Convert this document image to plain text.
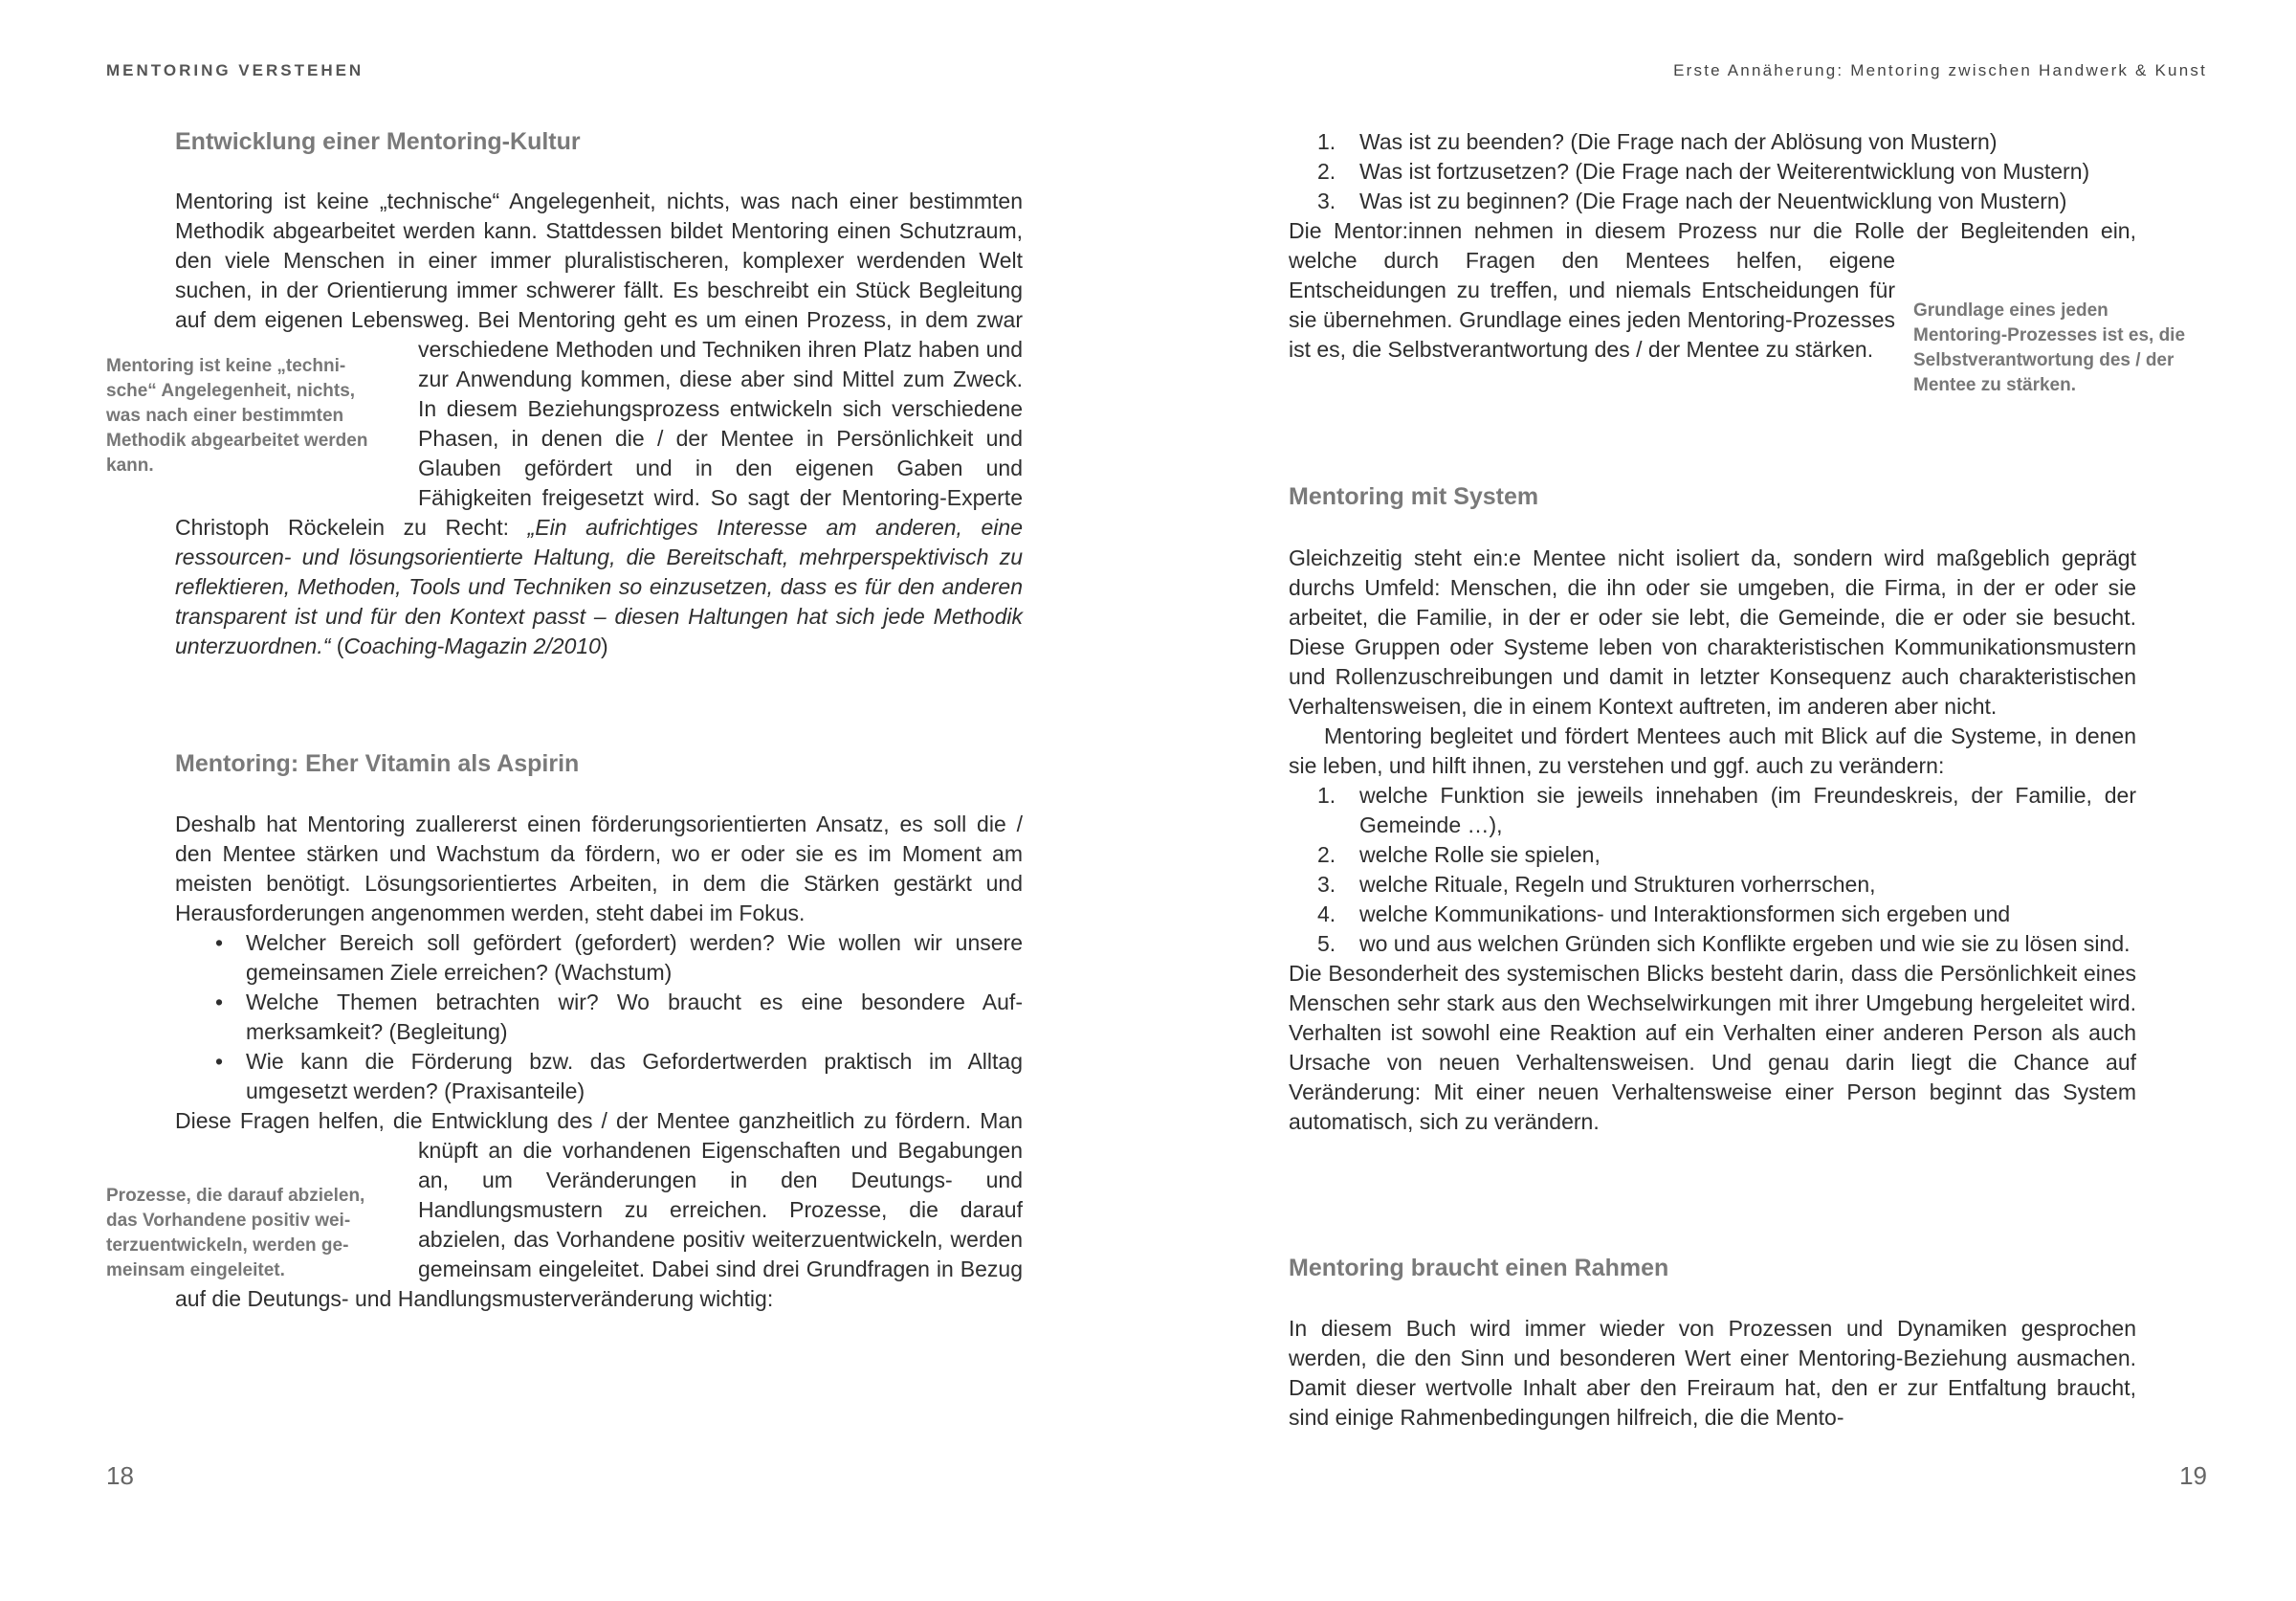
MENTORING VERSTEHEN
Entwicklung einer Mentoring-Kultur

Mentoring ist keine „technische“ Angelegenheit, nichts, was nach einer bestimmten Methodik abgearbeitet werden kann. Stattdessen bildet Mentoring einen Schutzraum, den viele Menschen in einer immer pluralistischeren, komplexer werdenden Welt suchen, in der Orientierung immer schwerer fällt. Es beschreibt ein Stück Begleitung auf dem eigenen Lebensweg. Bei Mentoring geht es um einen Prozess, in dem zwar verschiedene Methoden und Techniken ihren Platz haben und zur Anwendung kommen, diese aber sind Mittel zum Zweck. In diesem Beziehungsprozess entwickeln sich verschiedene Phasen, in denen die / der Mentee in Persönlichkeit und Glauben gefördert und in den eigenen Gaben und Fähigkeiten freigesetzt wird. So sagt der Mentoring-Experte Christoph Röckelein zu Recht: „Ein aufrichtiges Interesse am anderen, eine ressourcen- und lösungsorientierte Haltung, die Bereitschaft, mehrperspektivisch zu reflektieren, Methoden, Tools und Techniken so einzusetzen, dass es für den anderen transparent ist und für den Kontext passt – diesen Haltungen hat sich jede Methodik unterzuordnen.“ (Coaching-Magazin 2/2010)

Mentoring ist keine „technische“ Angelegenheit, nichts, was nach einer bestimmten Methodik abgearbeitet werden kann.
Mentoring: Eher Vitamin als Aspirin

Deshalb hat Mentoring zuallererst einen förderungsorientierten Ansatz, es soll die / den Mentee stärken und Wachstum da fördern, wo er oder sie es im Moment am meisten benötigt. Lösungsorientiertes Arbeiten, in dem die Stärken gestärkt und Herausforderungen angenommen werden, steht dabei im Fokus.

• Welcher Bereich soll gefördert (gefordert) werden? Wie wollen wir unsere gemeinsamen Ziele erreichen? (Wachstum)
• Welche Themen betrachten wir? Wo braucht es eine besondere Aufmerksamkeit? (Begleitung)
• Wie kann die Förderung bzw. das Gefordertwerden praktisch im Alltag umgesetzt werden? (Praxisanteile)

Diese Fragen helfen, die Entwicklung des / der Mentee ganzheitlich zu fördern. Man knüpft an die vorhandenen Eigenschaften und Begabungen an, um Veränderungen in den Deutungs- und Handlungsmustern zu erreichen. Prozesse, die darauf abzielen, das Vorhandene positiv weiterzuentwickeln, werden gemeinsam eingeleitet. Dabei sind drei Grundfragen in Bezug auf die Deutungs- und Handlungsmusterveränderung wichtig:

Prozesse, die darauf abzielen, das Vorhandene positiv weiterzuentwickeln, werden gemeinsam eingeleitet.
18
Erste Annäherung: Mentoring zwischen Handwerk & Kunst
1. Was ist zu beenden? (Die Frage nach der Ablösung von Mustern)
2. Was ist fortzusetzen? (Die Frage nach der Weiterentwicklung von Mustern)
3. Was ist zu beginnen? (Die Frage nach der Neuentwicklung von Mustern)

Die Mentor:innen nehmen in diesem Prozess nur die Rolle der Begleitenden ein, welche durch Fragen den Mentees helfen, eigene Entscheidungen zu treffen, und niemals Entscheidungen für sie übernehmen. Grundlage eines jeden Mentoring-Prozesses ist es, die Selbstverantwortung des / der Mentee zu stärken.

Grundlage eines jeden Mentoring-Prozesses ist es, die Selbstverantwortung des / der Mentee zu stärken.
Mentoring mit System

Gleichzeitig steht ein:e Mentee nicht isoliert da, sondern wird maßgeblich geprägt durchs Umfeld: Menschen, die ihn oder sie umgeben, die Firma, in der er oder sie arbeitet, die Familie, in der er oder sie lebt, die Gemeinde, die er oder sie besucht. Diese Gruppen oder Systeme leben von charakteristischen Kommunikationsmustern und Rollenzuschreibungen und damit in letzter Konsequenz auch charakteristischen Verhaltensweisen, die in einem Kontext auftreten, im anderen aber nicht.

Mentoring begleitet und fördert Mentees auch mit Blick auf die Systeme, in denen sie leben, und hilft ihnen, zu verstehen und ggf. auch zu verändern:

1. welche Funktion sie jeweils innehaben (im Freundeskreis, der Familie, der Gemeinde …),
2. welche Rolle sie spielen,
3. welche Rituale, Regeln und Strukturen vorherrschen,
4. welche Kommunikations- und Interaktionsformen sich ergeben und
5. wo und aus welchen Gründen sich Konflikte ergeben und wie sie zu lösen sind.

Die Besonderheit des systemischen Blicks besteht darin, dass die Persönlichkeit eines Menschen sehr stark aus den Wechselwirkungen mit ihrer Umgebung hergeleitet wird. Verhalten ist sowohl eine Reaktion auf ein Verhalten einer anderen Person als auch Ursache von neuen Verhaltensweisen. Und genau darin liegt die Chance auf Veränderung: Mit einer neuen Verhaltensweise einer Person beginnt das System automatisch, sich zu verändern.

Mentoring braucht einen Rahmen

In diesem Buch wird immer wieder von Prozessen und Dynamiken gesprochen werden, die den Sinn und besonderen Wert einer Mentoring-Beziehung ausmachen. Damit dieser wertvolle Inhalt aber den Freiraum hat, den er zur Entfaltung braucht, sind einige Rahmenbedingungen hilfreich, die die Mento-

19
